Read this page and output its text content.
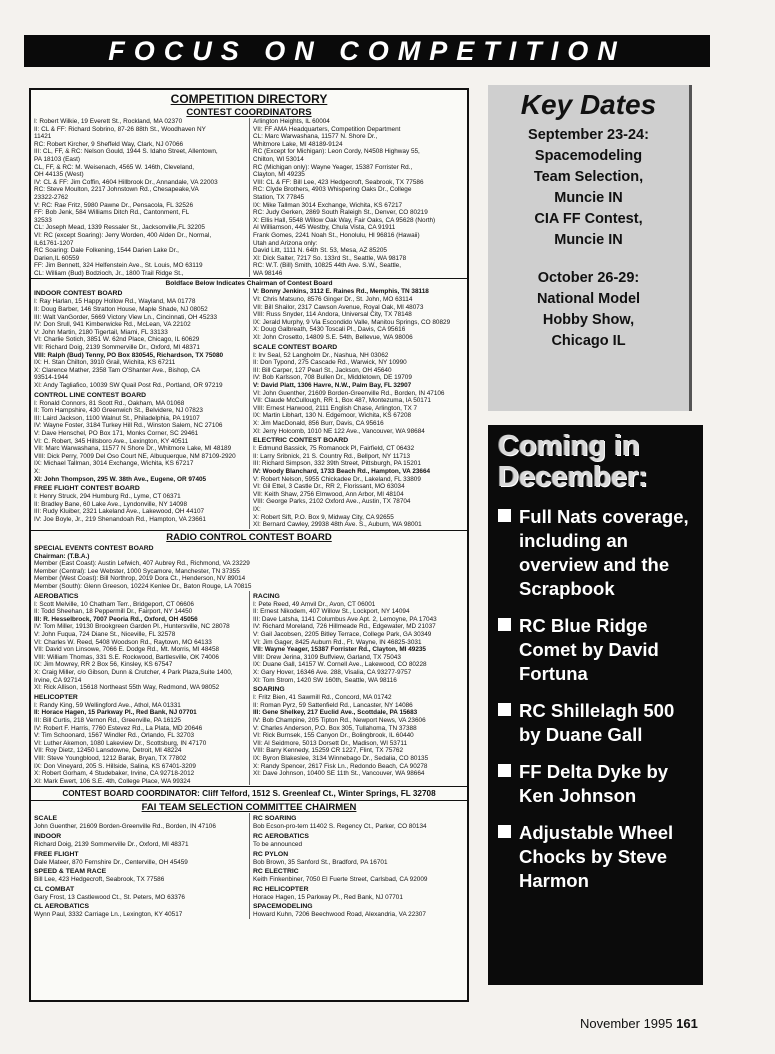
FOCUS ON COMPETITION
COMPETITION DIRECTORY
CONTEST COORDINATORS
I: Robert Wilkie, 19 Everett St., Rockland, MA 02370
II: CL & FF: Richard Sobrino, 87-26 88th St., Woodhaven NY
11421
RC: Robert Kircher, 9 Sheffeld Way, Clark, NJ 07066
III: CL, FF, & RC: Nelson Gould, 1944 S. Idaho Street, Allentown,
PA 18103 (East)
CL, FF, & RC: M. Weisenach, 4565 W. 146th, Cleveland,
OH 44135 (West)
IV: CL & FF: Jim Coffin, 4604 Hillbrook Dr., Annandale, VA 22003
RC: Steve Moulton, 2217 Johnstown Rd., Chesapeake,VA
23322-2762
V: RC: Rae Fritz, 5980 Pawne Dr., Pensacola, FL 32526
FF: Bob Jenk, 584 Williams Ditch Rd., Cantonment, FL
32533
CL: Joseph Mead, 1339 Ressaler St., Jacksonville,FL 32205
VI: RC (except Soaring): Jerry Worden, 400 Alden Dr., Normal,
IL61761-1207
RC Soaring: Dale Folkening, 1544 Darien Lake Dr.,
Darien,IL 60559
FF: Jim Bennett, 324 Helfenstein Ave., St. Louis, MO 63119
CL: William (Bud) Bodzioch, Jr., 1800 Trail Ridge St.,
Arlington Heights, IL 60004
VII: FF AMA Headquarters, Competition Department
CL: Marc Warwashana, 11577 N. Shore Dr.,
Whitmore Lake, MI 48189-9124
RC (Except for Michigan): Leon Cordy, N4508 Highway 55,
Chilton, WI 53014
RC (Michigan only): Wayne Yeager, 15387 Forrister Rd.,
Clayton, MI 49235
VIII: CL & FF: Bill Lee, 423 Hedgecroft, Seabrook, TX 77586
RC: Clyde Brothers, 4903 Whispering Oaks Dr., College
Station, TX 77845
IX: Mike Tallman 3014 Exchange, Wichita, KS 67217
RC: Judy Gerken, 2869 South Raleigh St., Denver, CO 80219
X: Ellis Hall, 5548 Willow Oak Way, Fair Oaks, CA 95628 (North)
Al Williamson, 445 Westby, Chula Vista, CA 91911
Frank Gomes, 2241 Noah St., Honolulu, HI 96816 (Hawaii)
Utah and Arizona only:
David Litt, 1111 N. 64th St. 53, Mesa, AZ 85205
XI: Dick Salter, 7217 So. 133rd St., Seattle, WA 98178
RC: W.T. (Bill) Smith, 10825 44th Ave. S.W., Seattle,
WA 98146
Boldface Below Indicates Chairman of Contest Board
INDOOR CONTEST BOARD
I: Ray Harlan, 15 Happy Hollow Rd., Wayland, MA 01778
II: Doug Barber, 146 Stratton House, Maple Shade, NJ 08052
III: Walt VanGorder, 5669 Victory View Ln., Cincinnati, OH 45233
IV: Don Srull, 941 Kimberwicke Rd., McLean, VA 22102
V: John Martin, 2180 Tigertail, Miami, FL 33133
VI: Charlie Sotich, 3851 W. 62nd Place, Chicago, IL 60629
VII: Richard Doig, 2139 Sommerville Dr., Oxford, MI 48371
VIII: Ralph (Bud) Tenny, PO Box 830545, Richardson, TX 75080
IX: H. Stan Chilton, 3910 Grail, Wichita, KS 67211
X: Clarence Mather, 2358 Tam O'Shanter Ave., Bishop, CA
93514-1944
XI: Andy Tagliafico, 10039 SW Quail Post Rd., Portland, OR 97219
CONTROL LINE CONTEST BOARD
I: Ronald Connors, 81 Scott Rd., Oakham, MA 01068
II: Tom Hampshire, 430 Greenwich St., Belvidere, NJ 07823
III: Laird Jackson, 1100 Walnut St., Philadelphia, PA 19107
IV: Wayne Foster, 3184 Turkey Hill Rd., Winston Salem, NC 27106
V: Dave Henschel, PO Box 171, Monks Corner, SC 29461
VI: C. Robert, 345 Hillsboro Ave., Lexington, KY 40511
VII: Marc Warwashana, 11577 N Shore Dr., Whitmore Lake, MI 48189
VIII: Dick Perry, 7009 Del Oso Court NE, Albuquerque, NM 87109-2920
IX: Michael Tallman, 3014 Exchange, Wichita, KS 67217
X:
XI: John Thompson, 295 W. 38th Ave., Eugene, OR 97405
FREE FLIGHT CONTEST BOARD
I: Henry Struck, 294 Humburg Rd., Lyme, CT 06371
II: Bradley Bane, 60 Lake Ave., Lyndonville, NY 14098
III: Rudy Kluiber, 2321 Lakeland Ave., Lakewood, OH 44107
IV: Joe Boyle, Jr., 219 Shenandoah Rd., Hampton, VA 23661
V: Bonny Jenkins, 3112 E. Raines Rd., Memphis, TN 38118
VI: Chris Matsuno, 8576 Ginger Dr., St. John, MO 63114
VII: Bill Shailor, 2317 Cawson Avenue, Royal Oak, MI 48073
VIII: Russ Snyder, 114 Andora, Universal City, TX 78148
IX: Jerald Murphy, 9 Via Escondido Valle, Manitou Springs, CO 80829
X: Doug Galbreath, 5430 Toscali Pl., Davis, CA 95616
XI: John Crosetto, 14809 S.E. 54th, Bellevue, WA 98006
SCALE CONTEST BOARD
I: Irv Seal, 52 Langholm Dr., Nashua, NH 03062
II: Don Typond, 275 Cascade Rd., Warwick, NY 10990
III: Bill Carper, 127 Pearl St., Jackson, OH 45640
IV: Bob Karlsson, 708 Bullen Dr., Middletown, DE 19709
V: David Platt, 1306 Havre, N.W., Palm Bay, FL 32907
VI: John Guenther, 21609 Borden-Greenville Rd., Borden, IN 47106
VII: Claude McCullough, RR 1, Box 487, Montezuma, IA 50171
VIII: Ernest Harwood, 2111 English Chase, Arlington, TX 7
IX: Martin Libhart, 130 N. Edgemoor, Wichita, KS 67208
X: Jim MacDonald, 856 Burr, Davis, CA 95616
XI: Jerry Holcomb, 1010 NE 122 Ave., Vancouver, WA 98684
ELECTRIC CONTEST BOARD
I: Edmund Bassick, 75 Romanock Pl, Fairfield, CT 06432
II: Larry Sribnick, 21 S. Country Rd., Bellport, NY 11713
III: Richard Simpson, 332 39th Street, Pittsburgh, PA 15201
IV: Woody Blanchard, 1733 Beach Rd., Hampton, VA 23664
V: Robert Nelson, 5955 Chickadee Dr., Lakeland, FL 33809
VI: Gil Ettel, 3 Castle Dr., RR 2, Florissant, MO 63034
VII: Keith Shaw, 2756 Elmwood, Ann Arbor, MI 48104
VIII: George Parks, 2102 Oxford Ave., Austin, TX 78704
IX:
X: Robert Sift, P.O. Box 9, Midway City, CA 92655
XI: Bernard Cawley, 29938 48th Ave. S., Auburn, WA 98001
RADIO CONTROL CONTEST BOARD
SPECIAL EVENTS CONTEST BOARD
Chairman: (T.B.A.)
Member (East Coast): Austin Lefwich, 407 Aubrey Rd., Richmond, VA 23229
Member (Central): Lee Webster, 1000 Sycamore, Manchester, TN 37355
Member (West Coast): Bill Northrop, 2019 Dora Ct., Henderson, NV 89014
Member (South): Glenn Greeson, 10224 Kenlee Dr., Baton Rouge, LA 70815
AEROBATICS
I: Scott Melville, 10 Chatham Terr., Bridgeport, CT 06606
II: Todd Sheehan, 18 Peppermill Dr., Fairport, NY 14450
III: R. Hesselbrock, 7007 Peoria Rd., Oxford, OH 45056
IV: Tom Miller, 19130 Brookgreen Garden Pl., Huntersville, NC 28078
V: John Fuqua, 724 Diane St., Niceville, FL 32578
VI: Charles W. Reed, 5408 Woodson Rd., Raytown, MO 64133
VII: David von Linsowe, 7066 E. Dodge Rd., Mt. Morris, MI 48458
VIII: William Thomas, 331 S.E. Rockwood, Bartlesville, OK 74006
IX: Jim Mowrey, RR 2 Box 56, Kinsley, KS 67547
X: Craig Miller, c/o Gibson, Dunn & Crutcher, 4 Park Plaza,Suite 1400,
Irvine, CA 92714
XI: Rick Allison, 15618 Northeast 55th Way, Redmond, WA 98052
HELICOPTER
I: Randy King, 59 Wellingford Ave., Athol, MA 01331
II: Horace Hagen, 15 Parkway Pl., Red Bank, NJ 07701
III: Bill Curtis, 218 Vernon Rd., Greenville, PA 16125
IV: Robert F. Harris, 7760 Estevez Rd., La Plata, MD 20646
V: Tim Schoonard, 1567 Windler Rd., Orlando, FL 32703
VI: Luther Akemon, 1080 Lakeview Dr., Scottsburg, IN 47170
VII: Roy Dietz, 12450 Lansdowne, Detroit, MI 48224
VIII: Steve Youngblood, 1212 Barak, Bryan, TX 77802
IX: Don Vineyard, 205 S. Hillside, Salina, KS 67401-3209
X: Robert Gorham, 4 Studebaker, Irvine, CA 92718-2012
XI: Mark Ewert, 106 S.E. 4th, College Place, WA 99324
RACING
I: Pete Reed, 49 Amvil Dr., Avon, CT 06001
II: Ernest Nikodem, 407 Willow St., Lockport, NY 14094
III: Dave Latsha, 1141 Columbus Ave Apt. 2, Lemoyne, PA 17043
IV: Richard Moreland, 726 Hillmeade Rd., Edgewater, MD 21037
V: Gail Jacobsen, 2205 Bitley Terrace, College Park, GA 30349
VI: Jim Gager, 8425 Auburn Rd., Ft. Wayne, IN 46825-3031
VII: Wayne Yeager, 15387 Forrister Rd., Clayton, MI 49235
VIII: Drew Jerina, 3109 Buffview, Garland, TX 75043
IX: Duane Gall, 14157 W. Cornell Ave., Lakewood, CO 80228
X: Gary Hover, 16346 Ave. 288, Visalia, CA 93277-9757
XI: Tom Strom, 1420 SW 160th, Seattle, WA 98116
SOARING
I: Fritz Bien, 41 Sawmill Rd., Concord, MA 01742
II: Roman Pyrz, 59 Sattenfield Rd., Lancaster, NY 14086
III: Gene Shelkey, 217 Euclid Ave., Scottdale, PA 15683
IV: Bob Champine, 205 Tipton Rd., Newport News, VA 23606
V: Charles Anderson, P.O. Box 305, Tullahoma, TN 37388
VI: Rick Burnsek, 155 Canyon Dr., Bolingbrook, IL 60440
VII: Al Seidmore, 5013 Dorsett Dr., Madison, WI 53711
VIII: Barry Kennedy, 15259 CR 1227, Flint, TX 75762
IX: Byron Blakeslee, 3134 Winnebago Dr., Sedalia, CO 80135
X: Randy Spencer, 2617 Fisk Ln., Redondo Beach, CA 90278
XI: Dave Johnson, 10400 SE 11th St., Vancouver, WA 98664
CONTEST BOARD COORDINATOR: Cliff Telford, 1512 S. Greenleaf Ct., Winter Springs, FL 32708
FAI TEAM SELECTION COMMITTEE CHAIRMEN
SCALE
John Guenther, 21609 Borden-Greenville Rd., Borden, IN 47106
INDOOR
Richard Doig, 2139 Sommerville Dr., Oxford, MI 48371
FREE FLIGHT
Dale Mateer, 870 Fernshire Dr., Centerville, OH 45459
SPEED & TEAM RACE
Bill Lee, 423 Hedgecroft, Seabrook, TX 77586
CL COMBAT
Gary Frost, 13 Castlewood Ct., St. Peters, MO 63376
CL AEROBATICS
Wynn Paul, 3332 Carriage Ln., Lexington, KY 40517
RC SOARING
Bob Ecson-pro-tem 11402 S. Regency Ct., Parker, CO 80134
RC AEROBATICS
To be announced
RC PYLON
Bob Brown, 35 Sanford St., Bradford, PA 16701
RC ELECTRIC
Keith Finkenbiner, 7050 El Fuerte Street, Carlsbad, CA 92009
RC HELICOPTER
Horace Hagen, 15 Parkway Pl., Red Bank, NJ 07701
SPACEMODELING
Howard Kuhn, 7206 Beechwood Road, Alexandria, VA 22307
Key Dates
September 23-24:
Spacemodeling
Team Selection,
Muncie IN
CIA FF Contest,
Muncie IN
October 26-29:
National Model
Hobby Show,
Chicago IL
Coming in
December:
Full Nats coverage, including an overview and the Scrapbook
RC Blue Ridge Comet by David Fortuna
RC Shillelagh 500 by Duane Gall
FF Delta Dyke by Ken Johnson
Adjustable Wheel Chocks by Steve Harmon
November 1995 161
